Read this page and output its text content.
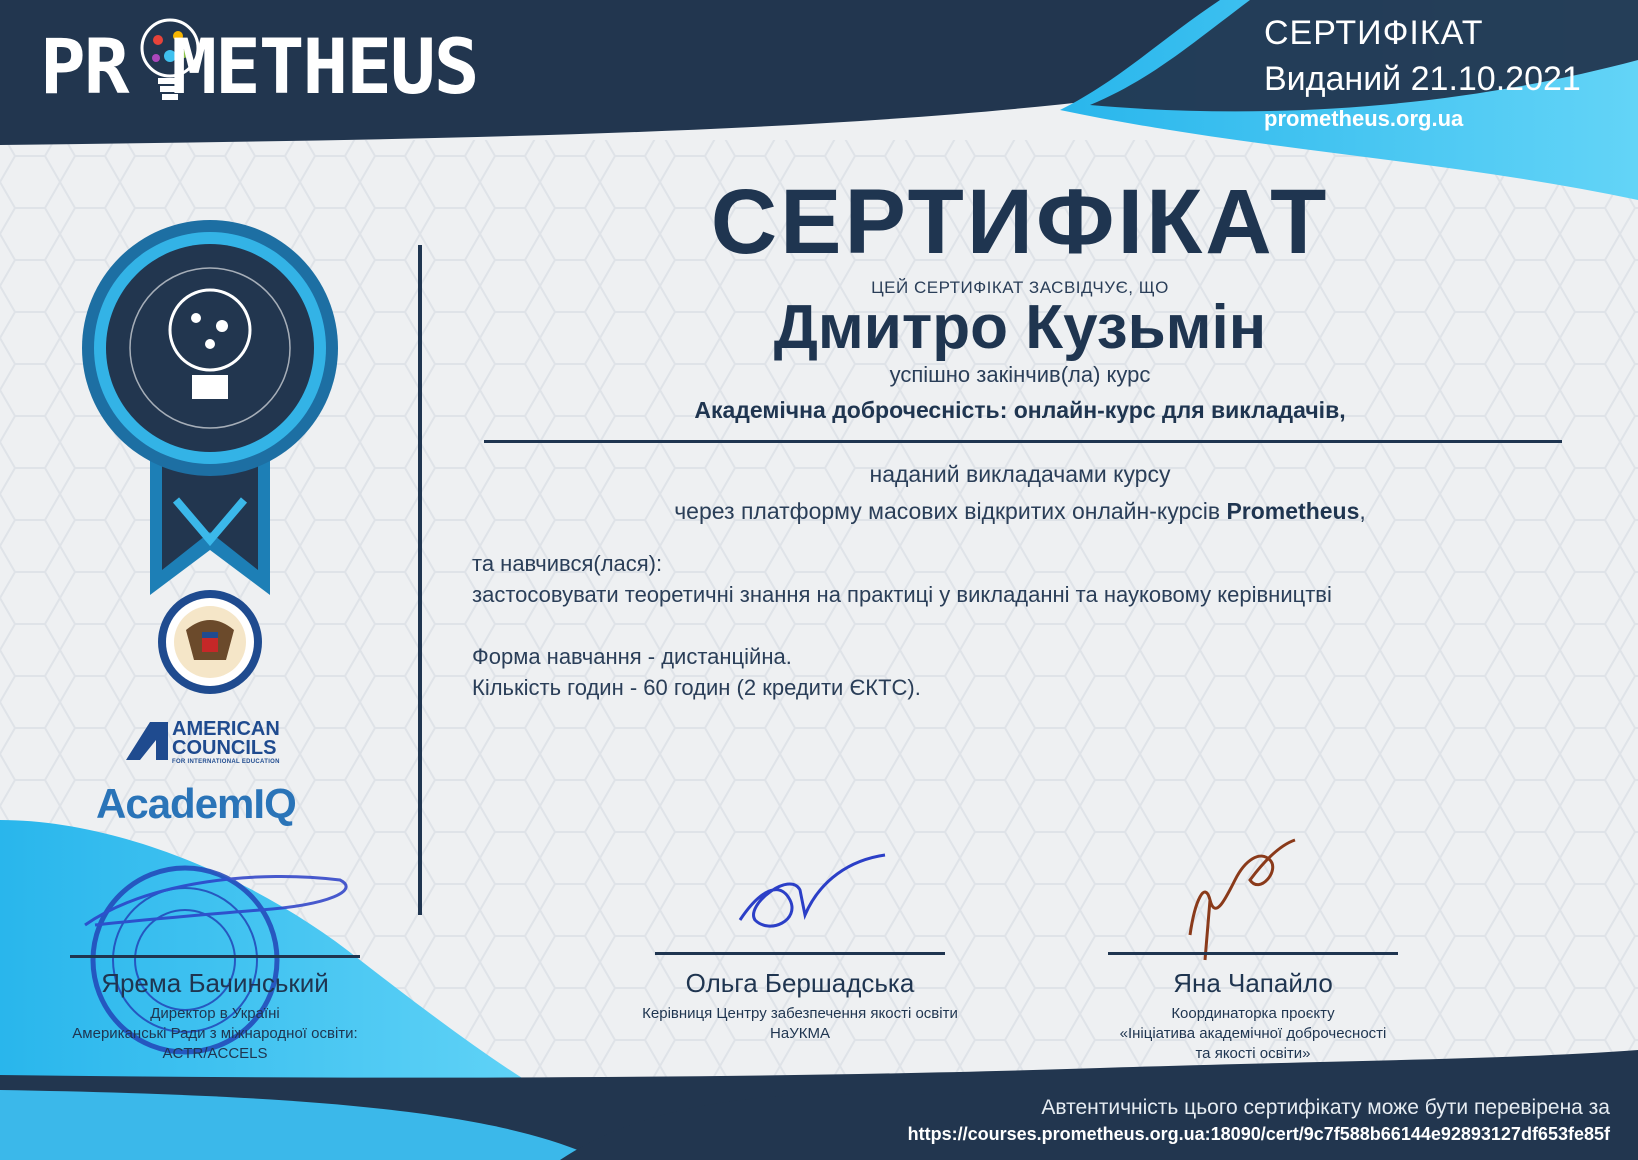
PR METHEUS	СЕРТИФІКАТ
Виданий 21.10.2021
prometheus.org.ua
AMERICAN
COUNCILS
FOR INTERNATIONAL EDUCATION
AcademIQ
СЕРТИФІКАТ
ЦЕЙ СЕРТИФІКАТ ЗАСВІДЧУЄ, ЩО
Дмитро Кузьмін
успішно закінчив(ла) курс
Академічна доброчесність: онлайн-курс для викладачів,
наданий викладачами курсу
через платформу масових відкритих онлайн-курсів Prometheus,
та навчився(лася):
застосовувати теоретичні знання на практиці у викладанні та науковому керівництві
Форма навчання - дистанційна.
Кількість годин - 60 годин (2 кредити ЄКТС).
Ярема Бачинський
Директор в Україні
Американські Ради з міжнародної освіти:
ACTR/ACCELS
Ольга Бершадська
Керівниця Центру забезпечення якості освіти
НаУКМА
Яна Чапайло
Координаторка проєкту
«Ініціатива академічної доброчесності
та якості освіти»
Автентичність цього сертифікату може бути перевірена за
https://courses.prometheus.org.ua:18090/cert/9c7f588b66144e92893127df653fe85f
